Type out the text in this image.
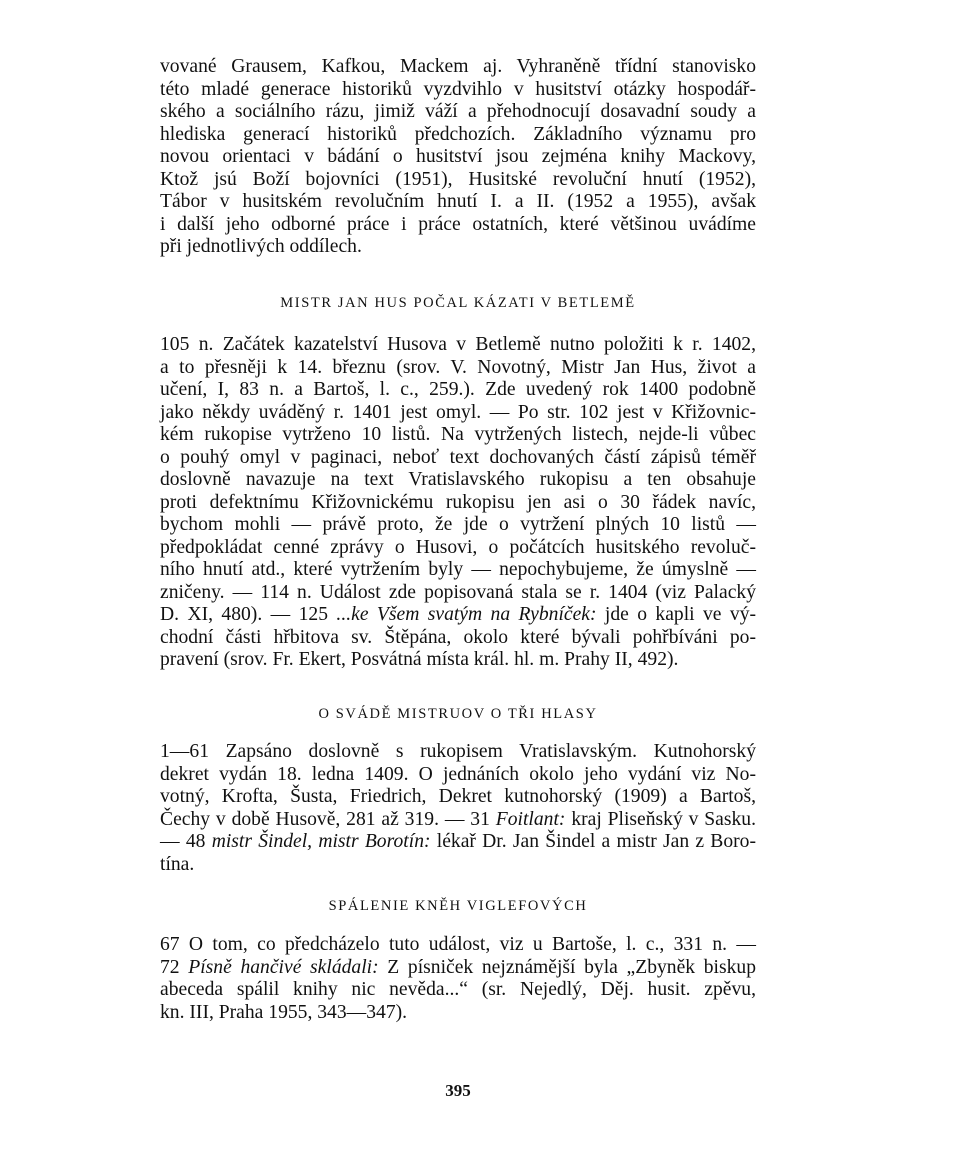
vované Grausem, Kafkou, Mackem aj. Vyhraněně třídní stanovisko
této mladé generace historiků vyzdvihlo v husitství otázky hospodář-
ského a sociálního rázu, jimiž váží a přehodnocují dosavadní soudy a
hlediska generací historiků předchozích. Základního významu pro
novou orientaci v bádání o husitství jsou zejména knihy Mackovy,
Ktož jsú Boží bojovníci (1951), Husitské revoluční hnutí (1952),
Tábor v husitském revolučním hnutí I. a II. (1952 a 1955), avšak
i další jeho odborné práce i práce ostatních, které většinou uvádíme
při jednotlivých oddílech.
MISTR JAN HUS POČAL KÁZATI V BETLEMĚ
105 n. Začátek kazatelství Husova v Betlemě nutno položiti k r. 1402,
a to přesněji k 14. březnu (srov. V. Novotný, Mistr Jan Hus, život a
učení, I, 83 n. a Bartoš, l. c., 259.). Zde uvedený rok 1400 podobně
jako někdy uváděný r. 1401 jest omyl. — Po str. 102 jest v Křižovnic-
kém rukopise vytrženo 10 listů. Na vytržených listech, nejde-li vůbec
o pouhý omyl v paginaci, neboť text dochovaných částí zápisů téměř
doslovně navazuje na text Vratislavského rukopisu a ten obsahuje
proti defektnímu Křižovnickému rukopisu jen asi o 30 řádek navíc,
bychom mohli — právě proto, že jde o vytržení plných 10 listů —
předpokládat cenné zprávy o Husovi, o počátcích husitského revoluč-
ního hnutí atd., které vytržením byly — nepochybujeme, že úmyslně —
zničeny. — 114 n. Událost zde popisovaná stala se r. 1404 (viz Palacký
D. XI, 480). — 125 ...ke Všem svatým na Rybníček: jde o kapli ve vý-
chodní části hřbitova sv. Štěpána, okolo které bývali pohřbíváni po-
pravení (srov. Fr. Ekert, Posvátná místa král. hl. m. Prahy II, 492).
O SVÁDĚ MISTRUOV O TŘI HLASY
1—61 Zapsáno doslovně s rukopisem Vratislavským. Kutnohorský
dekret vydán 18. ledna 1409. O jednáních okolo jeho vydání viz No-
votný, Krofta, Šusta, Friedrich, Dekret kutnohorský (1909) a Bartoš,
Čechy v době Husově, 281 až 319. — 31 Foitlant: kraj Pliseňský v Sasku.
— 48 mistr Šindel, mistr Borotín: lékař Dr. Jan Šindel a mistr Jan z Boro-
tína.
SPÁLENIE KNĚH VIGLEFOVÝCH
67 O tom, co předcházelo tuto událost, viz u Bartoše, l. c., 331 n. —
72 Písně hančivé skládali: Z písniček nejznámější byla „Zbyněk biskup
abeceda spálil knihy nic nevěda...“ (sr. Nejedlý, Děj. husit. zpěvu,
kn. III, Praha 1955, 343—347).
395
